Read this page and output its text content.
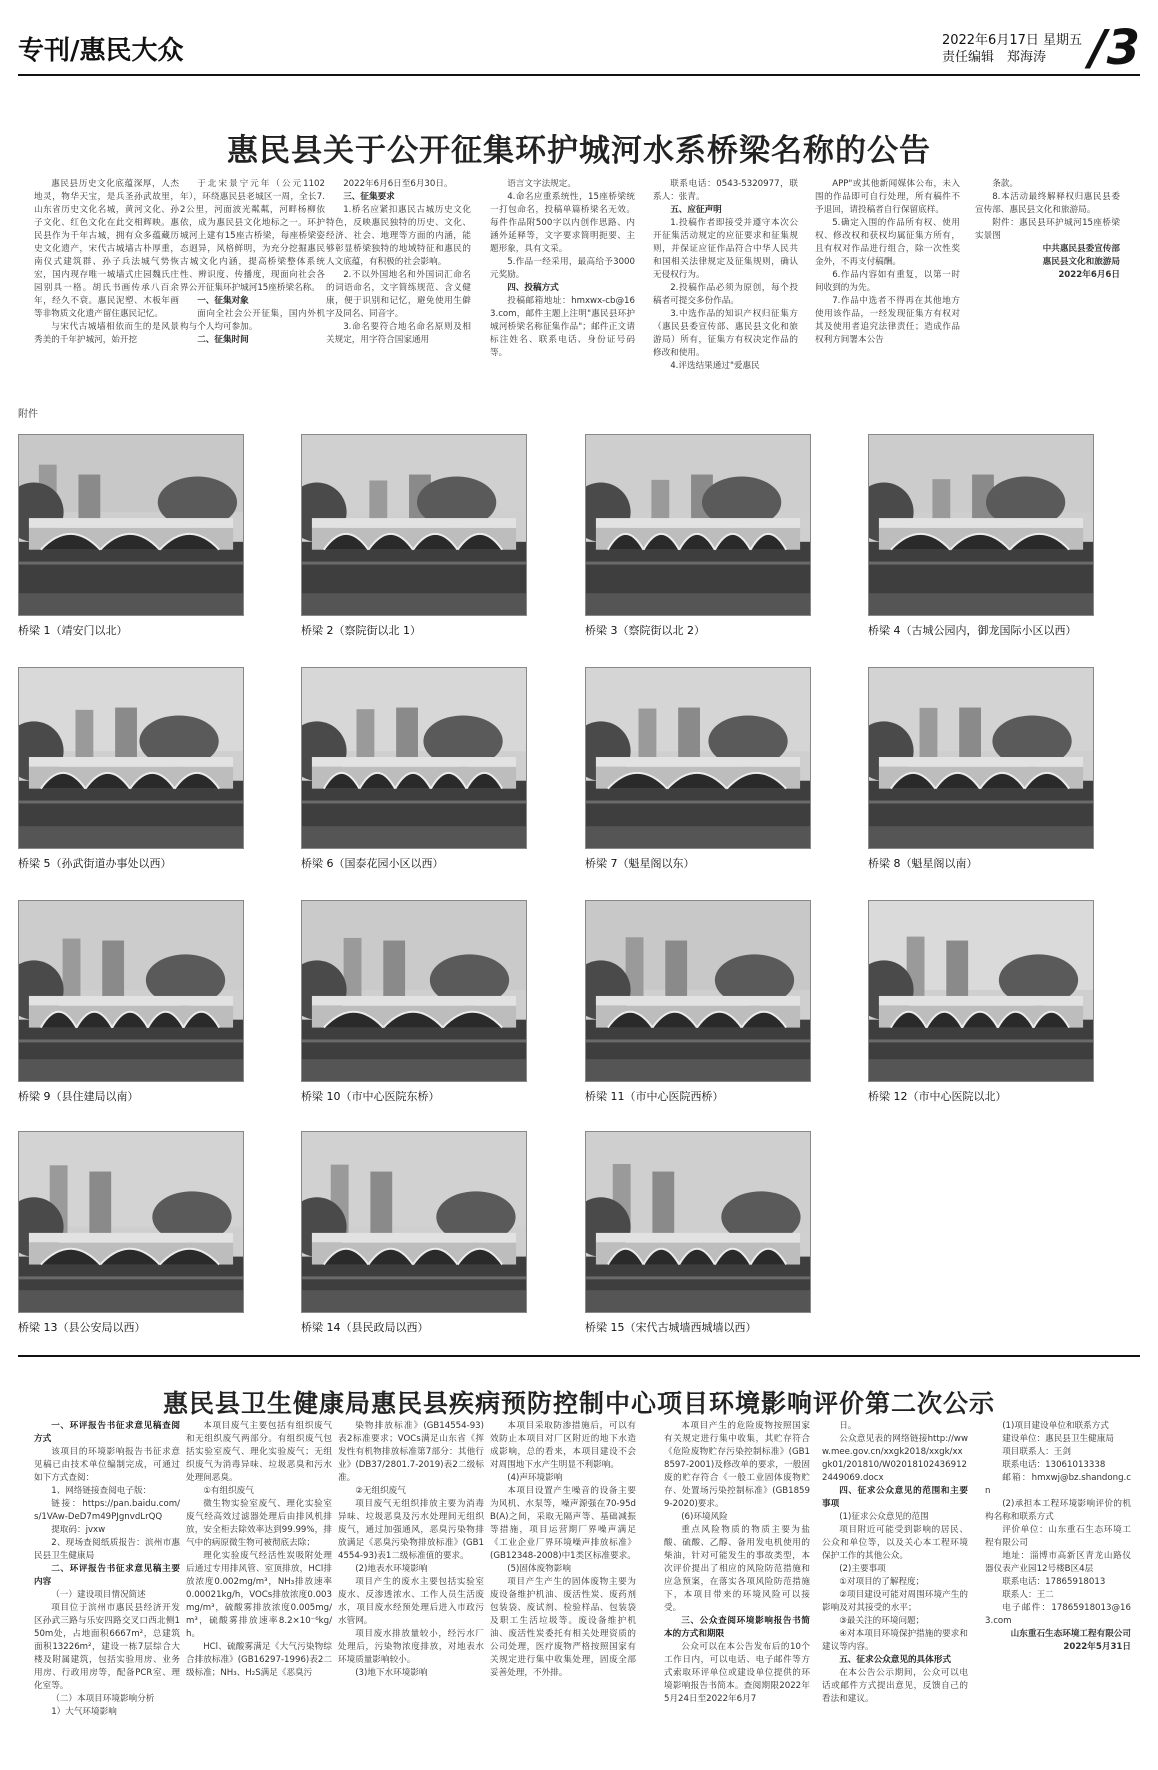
专刊/惠民大众	2022年6月17日 星期五
责任编辑　郑海涛 /3
惠民县关于公开征集环护城河水系桥梁名称的公告

惠民县历史文化底蕴深厚，人杰地灵，物华天宝，是兵圣孙武故里，山东省历史文化名城，黄河文化、孙子文化、红色文化在此交相辉映。惠民县作为千年古城，拥有众多蕴藏历史文化遗产，宋代古城墙古朴厚重，南仪式建筑群、孙子兵法城气势恢宏，国内现存唯一城墙式庄园魏氏庄园别具一格。胡氏书画传承八百余年，经久不衰。惠民泥塑、木板年画等非物质文化遗产留住惠民记忆。

与宋代古城墙相依而生的是风景秀美的千年护城河，始开挖

于北宋景宁元年（公元1102年），环绕惠民县老城区一周，全长7.2公里，河面波光粼粼，河畔杨柳依依，成为惠民县文化地标之一。环护城河上建有15座古桥梁，每座桥梁姿态迥异，风格鲜明，为充分挖掘惠民古城文化内涵，提高桥梁整体系统性、辨识度、传播度，现面向社会各界公开征集环护城河15座桥梁名称。

一、征集对象

面向全社会公开征集，国内外机构与个人均可参加。

二、征集时间

2022年6月6日至6月30日。

三、征集要求

1.桥名应紧扣惠民古城历史文化特色，反映惠民独特的历史、文化、经济、社会、地理等方面的内涵，能够彰显桥梁独特的地域特征和惠民的人文底蕴，有积极的社会影响。

2.不以外国地名和外国词汇命名的词语命名，文字简练规范、含义健康，便于识别和记忆，避免使用生僻字及同名、同音字。

3.命名要符合地名命名原则及相关规定，用字符合国家通用

语言文字法规定。

4.命名应重系统性，15座桥梁统一打包命名，投稿单篇桥梁名无效。每件作品附500字以内创作思路、内涵外延释等，文字要求简明扼要、主题形象，具有文采。

5.作品一经采用，最高给予3000元奖励。

四、投稿方式

投稿邮箱地址：hmxwx-cb@163.com，邮件主题上注明"惠民县环护城河桥梁名称征集作品"；邮件正文请标注姓名、联系电话、身份证号码等。

联系电话：0543-5320977，联系人：张青。

五、应征声明

1.投稿作者即接受并遵守本次公开征集活动规定的应征要求和征集规则，并保证应征作品符合中华人民共和国相关法律规定及征集规则，确认无侵权行为。

2.投稿作品必须为原创，每个投稿者可提交多份作品。

3.中选作品的知识产权归征集方（惠民县委宣传部、惠民县文化和旅游局）所有，征集方有权决定作品的修改和使用。

4.评选结果通过"爱惠民

APP"或其他新闻媒体公布，未入围的作品即可自行处理，所有稿件不予退回，请投稿者自行保留底样。

5.确定入围的作品所有权、使用权、修改权和获权均属征集方所有，且有权对作品进行组合，除一次性奖金外，不再支付稿酬。

6.作品内容如有重复，以第一时间收到的为先。

7.作品中选者不得再在其他地方使用该作品，一经发现征集方有权对其及使用者追究法律责任；造成作品权利方间署本公告

条款。

8.本活动最终解释权归惠民县委宣传部、惠民县文化和旅游局。

附件：惠民县环护城河15座桥梁实景图

中共惠民县委宣传部

惠民县文化和旅游局

2022年6月6日

附件
桥梁 1（靖安门以北）
桥梁 5（孙武街道办事处以西）
桥梁 9（县住建局以南）
桥梁 13（县公安局以西）
桥梁 2（察院街以北 1）
桥梁 6（国泰花园小区以西）
桥梁 10（市中心医院东桥）
桥梁 14（县民政局以西）
桥梁 3（察院街以北 2）
桥梁 7（魁星阁以东）
桥梁 11（市中心医院西桥）
桥梁 15（宋代古城墙西城墙以西）
桥梁 4（古城公园内，御龙国际小区以西）
桥梁 8（魁星阁以南）
桥梁 12（市中心医院以北）
惠民县卫生健康局惠民县疾病预防控制中心项目环境影响评价第二次公示

一、环评报告书征求意见稿查阅方式

该项目的环境影响报告书征求意见稿已由技术单位编制完成，可通过如下方式查阅：

1、网络链接查阅电子版：

链接：https://pan.baidu.com/s/1VAw-DeD7m49PJgnvdLrQQ

提取码：jvxw

2、现场查阅纸质报告：滨州市惠民县卫生健康局

二、环评报告书征求意见稿主要内容

（一）建设项目情况简述

项目位于滨州市惠民县经济开发区孙武三路与乐安四路交叉口西北侧150m处，占地面积6667m²，总建筑面积13226m²，建设一栋7层综合大楼及附属建筑，包括实验用房、业务用房、行政用房等，配备PCR室、理化室等。

（二）本项目环境影响分析

1）大气环境影响

本项目废气主要包括有组织废气和无组织废气两部分。有组织废气包括实验室废气、理化实验废气；无组织废气为消毒异味、垃圾恶臭和污水处理间恶臭。

①有组织废气

微生物实验室废气、理化实验室废气经高效过滤器处理后由排风机排放，安全柜去除效率达到99.99%，排气中的病原微生物可被彻底去除；

理化实验废气经活性炭吸附处理后通过专用排风管、室顶排放，HCl排放浓度0.002mg/m³，NH₃排放速率0.00021kg/h，VOCs排放浓度0.003mg/m³，硫酸雾排放浓度0.005mg/m³，硫酸雾排放速率8.2×10⁻⁶kg/h。

HCl、硫酸雾满足《大气污染物综合排放标准》(GB16297-1996)表2二级标准；NH₃、H₂S满足《恶臭污

染物排放标准》(GB14554-93)表2标准要求；VOCs满足山东省《挥发性有机物排放标准第7部分：其他行业》(DB37/2801.7-2019)表2二级标准。

②无组织废气

项目废气无组织排放主要为消毒异味、垃圾恶臭及污水处理间无组织废气，通过加强通风，恶臭污染物排放满足《恶臭污染物排放标准》(GB14554-93)表1二级标准值的要求。

(2)地表水环境影响

项目产生的废水主要包括实验室废水、反渗透浓水、工作人员生活废水，项目废水经预处理后进入市政污水管网。

项目废水排放量较小，经污水厂处理后，污染物浓度排放，对地表水环境质量影响较小。

(3)地下水环境影响

本项目采取防渗措施后，可以有效防止本项目对厂区附近的地下水造成影响，总的看来，本项目建设不会对周围地下水产生明显不利影响。

(4)声环境影响

本项目设置产生噪音的设备主要为风机、水泵等，噪声源强在70-95dB(A)之间，采取无隔声等、基础减振等措施，项目运营期厂界噪声满足《工业企业厂界环境噪声排放标准》(GB12348-2008)中1类区标准要求。

(5)固体废物影响

项目产生产生的固体废物主要为废设备维护机油、废活性炭、废药剂包装袋、废试剂、检验样品、包装袋及职工生活垃圾等。废设备维护机油、废活性炭委托有相关处理资质的公司处理，医疗废物严格按照国家有关规定进行集中收集处理，固废全部妥善处理，不外排。

本项目产生的危险废物按照国家有关规定进行集中收集，其贮存符合《危险废物贮存污染控制标准》(GB18597-2001)及修改单的要求，一般固废的贮存符合《一般工业固体废物贮存、处置场污染控制标准》(GB18599-2020)要求。

(6)环境风险

重点风险物质的物质主要为盐酸、硫酸、乙醇、备用发电机使用的柴油，针对可能发生的事故类型，本次评价提出了相应的风险防范措施和应急预案，在落实各项风险防范措施下，本项目带来的环境风险可以接受。

三、公众查阅环境影响报告书简本的方式和期限

公众可以在本公告发布后的10个工作日内，可以电话、电子邮件等方式索取环评单位或建设单位提供的环境影响报告书简本。查阅期限2022年5月24日至2022年6月7

日。

公众意见表的网络链接http://www.mee.gov.cn/xxgk2018/xxgk/xxgk01/201810/W020181024369122449069.docx

四、征求公众意见的范围和主要事项

(1)征求公众意见的范围

项目附近可能受到影响的居民、公众和单位等，以及关心本工程环境保护工作的其他公众。

(2)主要事项

①对项目的了解程度；

②项目建设可能对周围环境产生的影响及对其接受的水平；

③最关注的环境问题；

④对本项目环境保护措施的要求和建议等内容。

五、征求公众意见的具体形式

在本公告公示期间，公众可以电话或邮件方式提出意见，反馈自己的看法和建议。

(1)项目建设单位和联系方式

建设单位：惠民县卫生健康局

项目联系人：王剑

联系电话：13061013338

邮箱：hmxwj@bz.shandong.cn

(2)承担本工程环境影响评价的机构名称和联系方式

评价单位：山东重石生态环境工程有限公司

地址：淄博市高新区青龙山路仪器仪表产业园12号楼B区4层

联系电话：17865918013

联系人：王二

电子邮件：17865918013@163.com

山东重石生态环境工程有限公司

2022年5月31日
